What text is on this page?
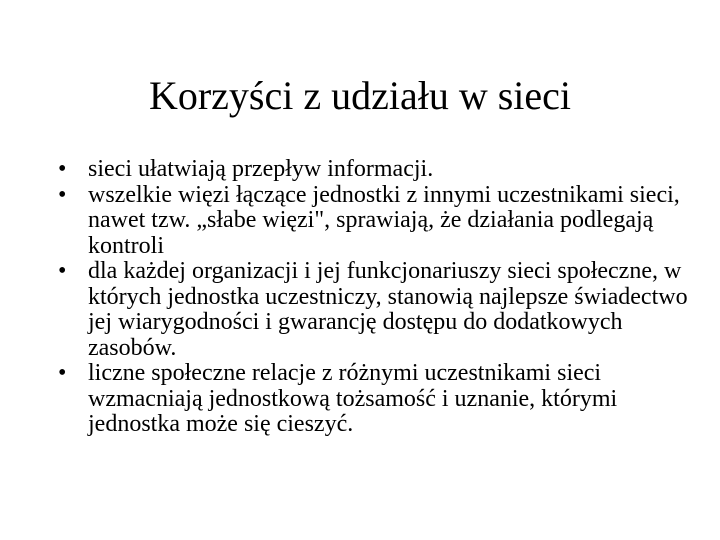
Korzyści z udziału w sieci
• sieci ułatwiają przepływ informacji.
• wszelkie więzi łączące jednostki z innymi uczestnikami sieci, nawet tzw. „słabe więzi", sprawiają, że działania podlegają kontroli
• dla każdej organizacji i jej funkcjonariuszy sieci społeczne, w których jednostka uczestniczy, stanowią najlepsze świadectwo jej wiarygodności i gwarancję dostępu do dodatkowych zasobów.
• liczne społeczne relacje z różnymi uczestnikami sieci wzmacniają jednostkową tożsamość i uznanie, którymi jednostka może się cieszyć.
